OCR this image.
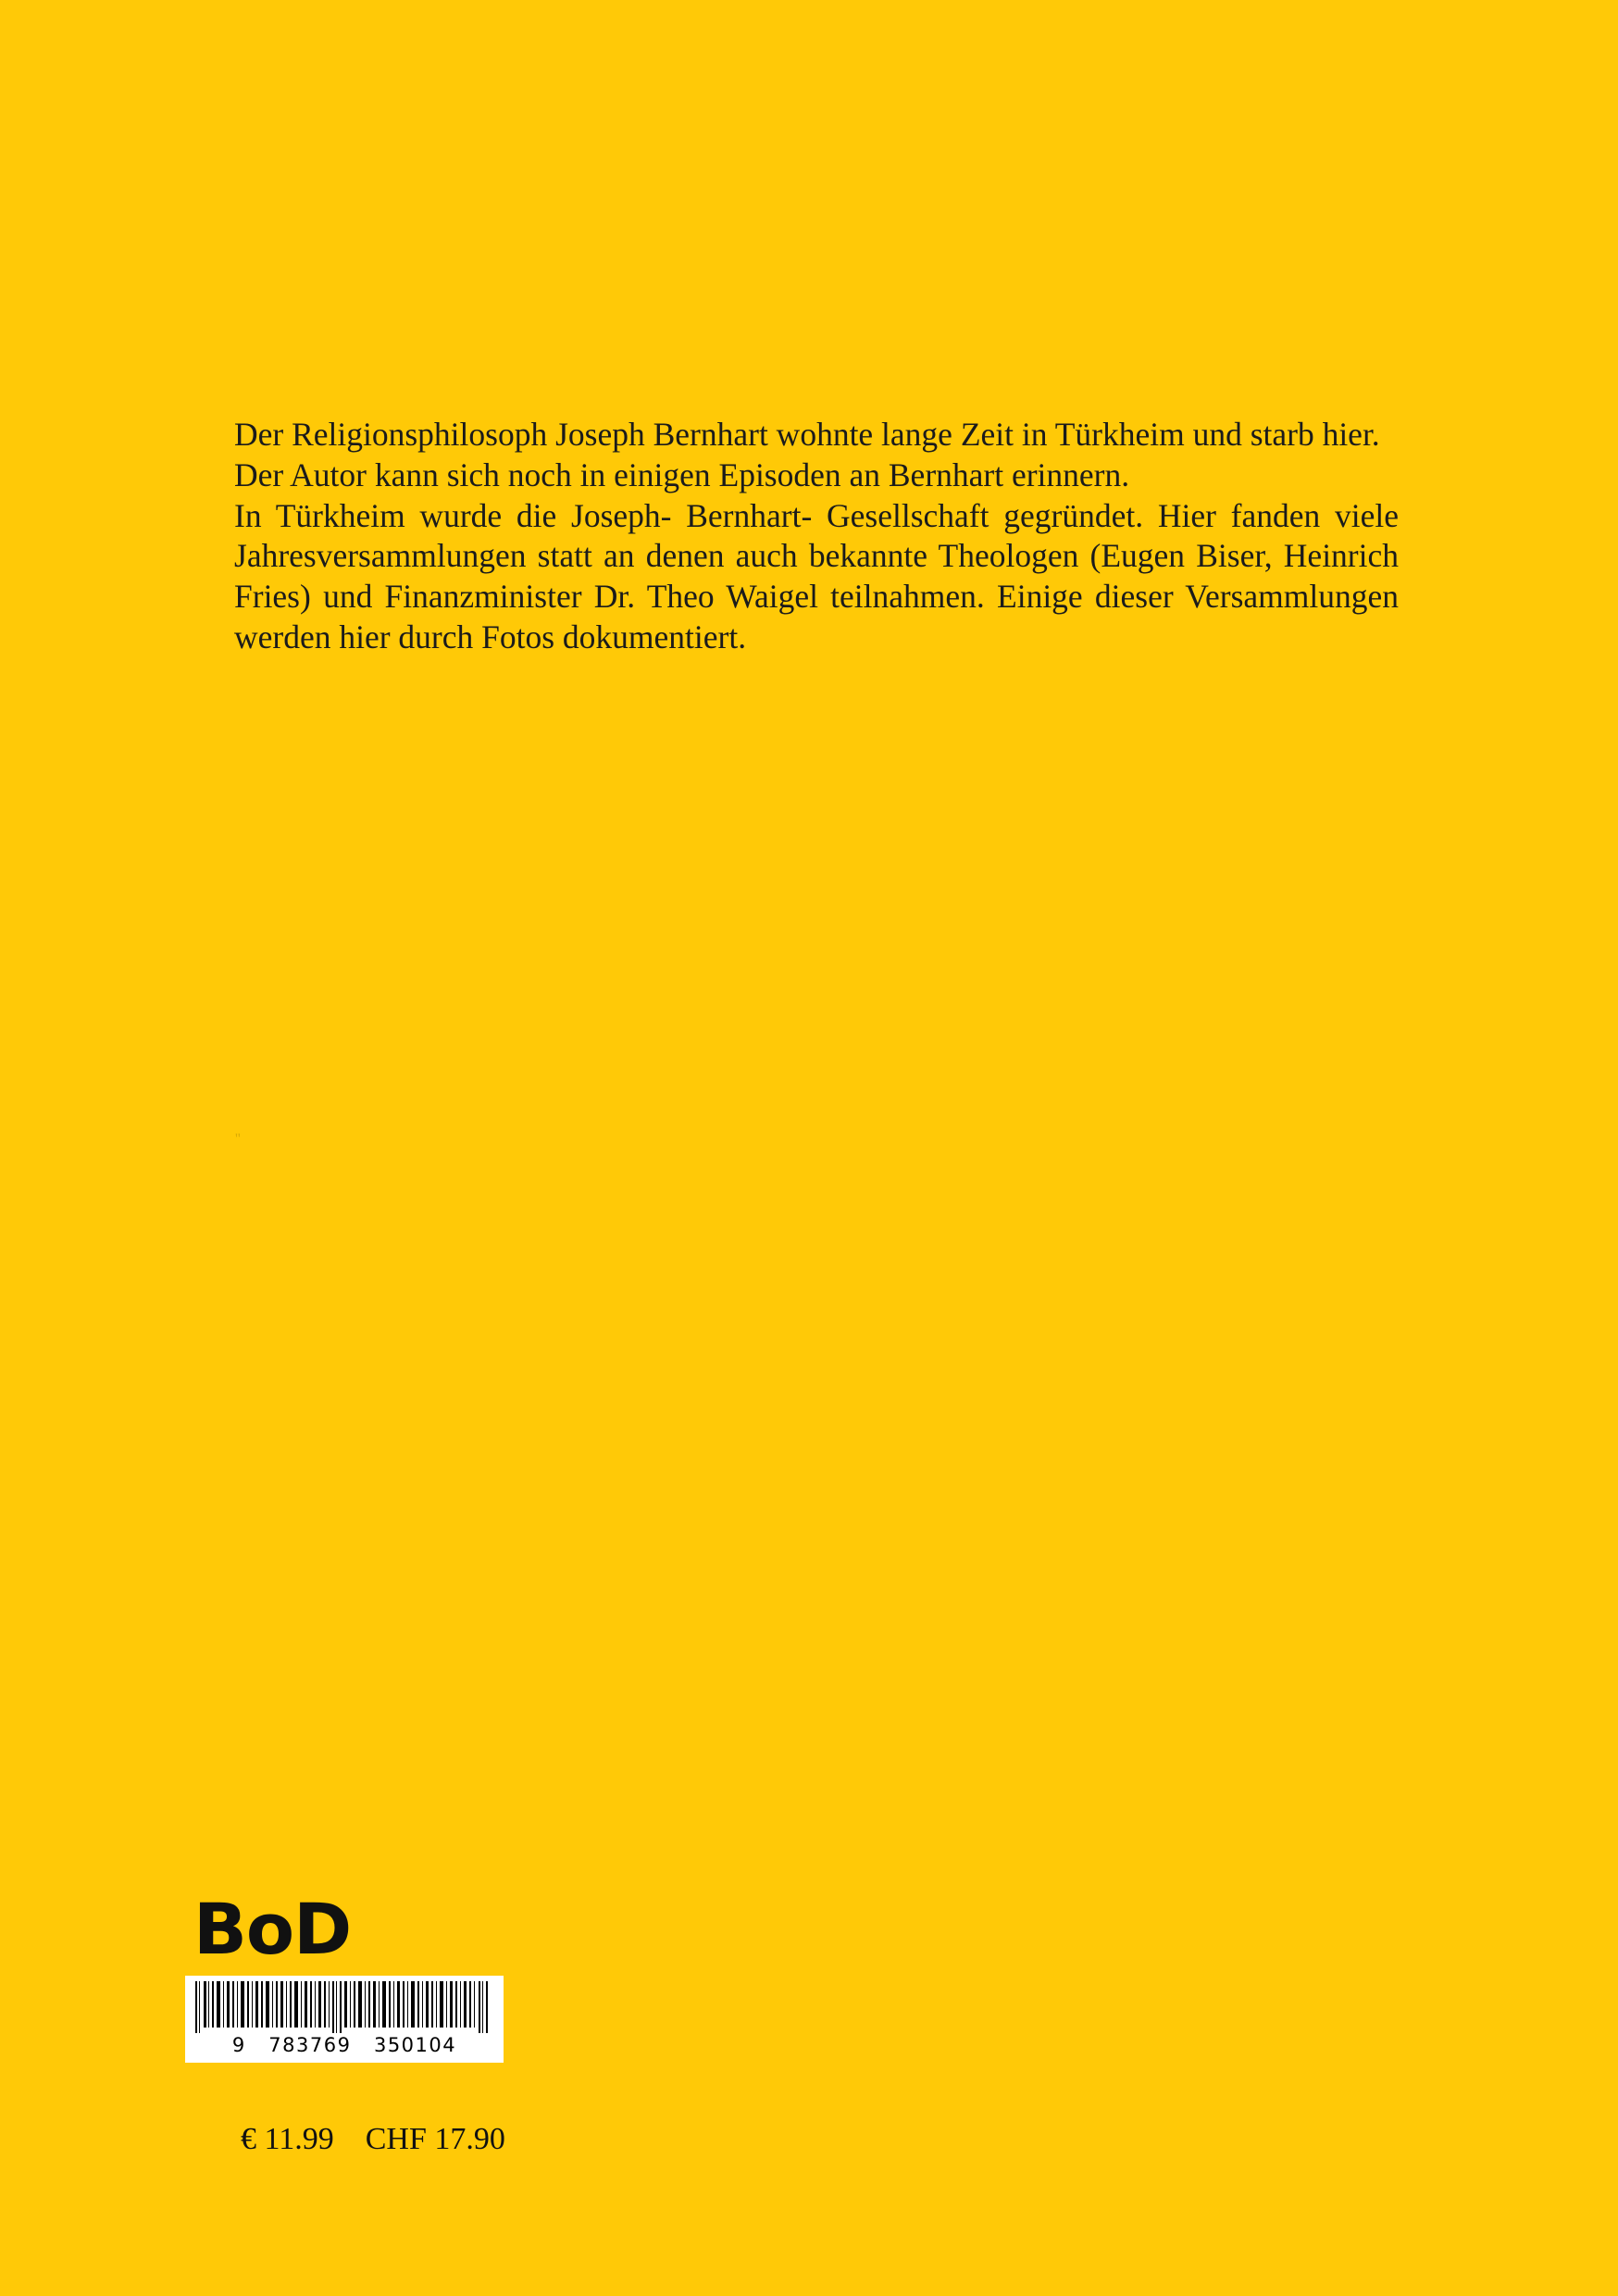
Der Religionsphilosoph Joseph Bernhart wohnte lange Zeit in Türkheim und starb hier. Der Autor kann sich noch in einigen Episoden an Bernhart erinnern.

In Türkheim wurde die Joseph- Bernhart- Gesellschaft gegründet. Hier fanden viele Jahresversammlungen statt an denen auch bekannte Theologen (Eugen Biser, Heinrich Fries) und Finanzminister Dr. Theo Waigel teilnahmen. Einige dieser Versammlungen werden hier durch Fotos dokumentiert.

''
BoD
9   783769   350104

€ 11.99 CHF 17.90
